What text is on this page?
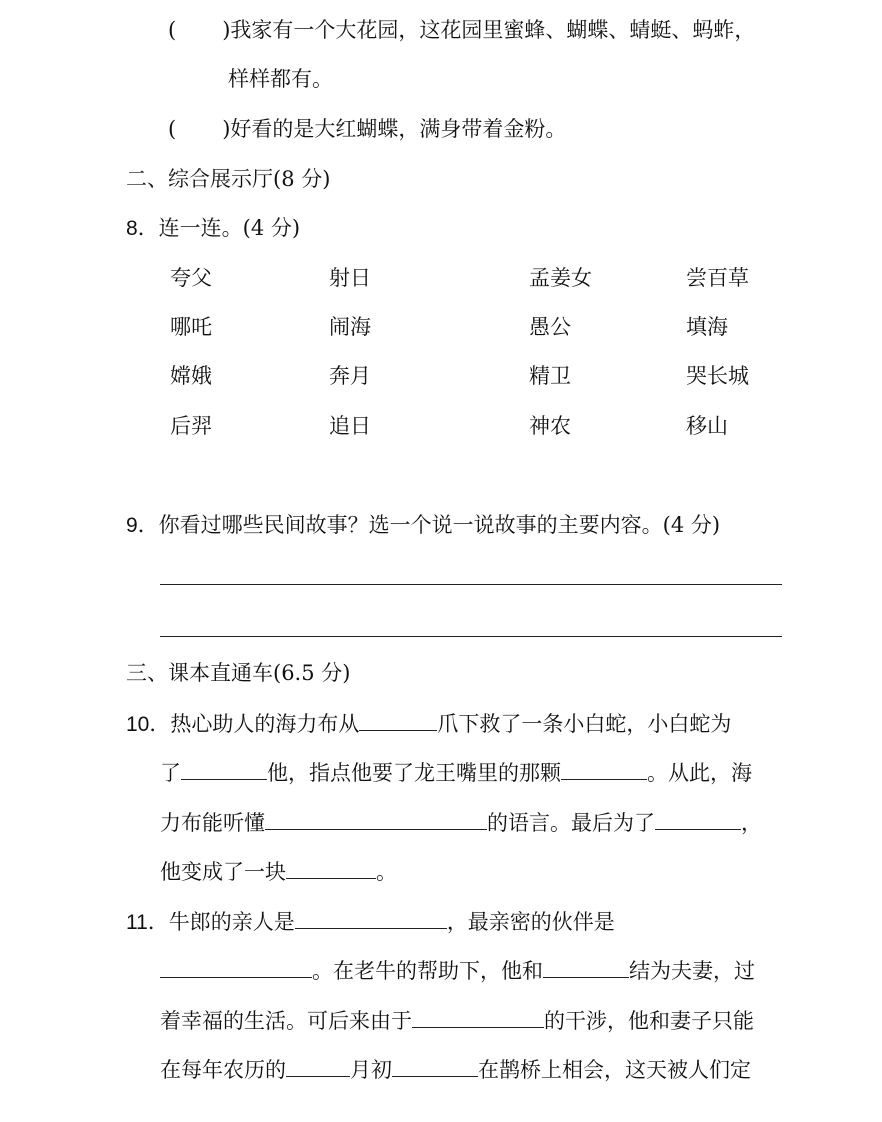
( )我家有一个大花园，这花园里蜜蜂、蝴蝶、蜻蜓、蚂蚱，
样样都有。
( )好看的是大红蝴蝶，满身带着金粉。
二、综合展示厅(8 分)
8．连一连。(4 分)
夸父	射日	孟姜女	尝百草
哪吒	闹海	愚公	填海
嫦娥	奔月	精卫	哭长城
后羿	追日	神农	移山
9．你看过哪些民间故事？选一个说一说故事的主要内容。(4 分)
三、课本直通车(6.5 分)
10．热心助人的海力布从	爪下救了一条小白蛇，小白蛇为
了	他，指点他要了龙王嘴里的那颗	。从此，海
力布能听懂	的语言。最后为了	，
他变成了一块	。
11．牛郎的亲人是	，最亲密的伙伴是
。在老牛的帮助下，他和	结为夫妻，过
着幸福的生活。可后来由于	的干涉，他和妻子只能
在每年农历的	月初	在鹊桥上相会，这天被人们定
